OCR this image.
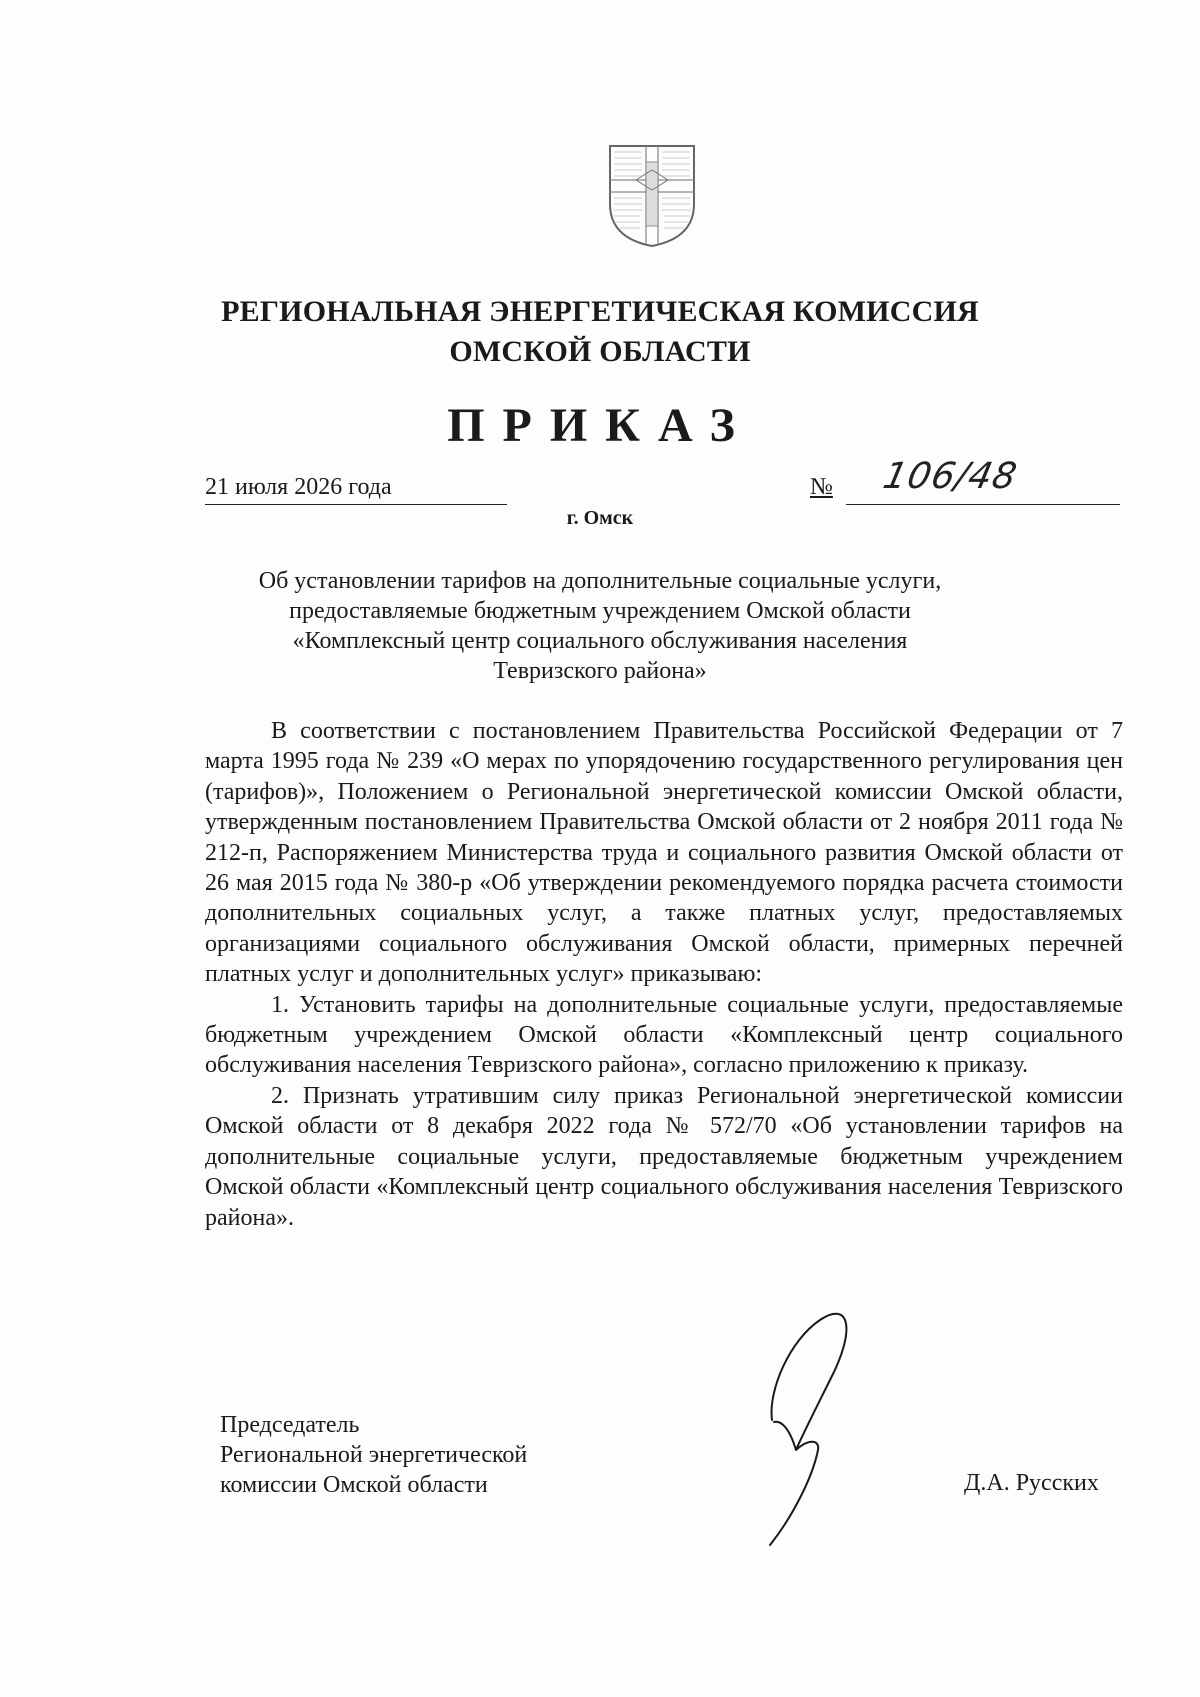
РЕГИОНАЛЬНАЯ ЭНЕРГЕТИЧЕСКАЯ КОМИССИЯ
ОМСКОЙ ОБЛАСТИ
ПРИКАЗ
21 июля 2026 года	№ 106/48
г. Омск
Об установлении тарифов на дополнительные социальные услуги,
предоставляемые бюджетным учреждением Омской области
«Комплексный центр социального обслуживания населения
Тевризского района»

В соответствии с постановлением Правительства Российской Федерации от 7 марта 1995 года № 239 «О мерах по упорядочению государственного регулирования цен (тарифов)», Положением о Региональной энергетической комиссии Омской области, утвержденным постановлением Правительства Омской области от 2 ноября 2011 года № 212-п, Распоряжением Министерства труда и социального развития Омской области от 26 мая 2015 года № 380-р «Об утверждении рекомендуемого порядка расчета стоимости дополнительных социальных услуг, а также платных услуг, предоставляемых организациями социального обслуживания Омской области, примерных перечней платных услуг и дополнительных услуг» приказываю:

1. Установить тарифы на дополнительные социальные услуги, предоставляемые бюджетным учреждением Омской области «Комплексный центр социального обслуживания населения Тевризского района», согласно приложению к приказу.

2. Признать утратившим силу приказ Региональной энергетической комиссии Омской области от 8 декабря 2022 года № 572/70 «Об установлении тарифов на дополнительные социальные услуги, предоставляемые бюджетным учреждением Омской области «Комплексный центр социального обслуживания населения Тевризского района».

Председатель
Региональной энергетической
комиссии Омской области	Д.А. Русских
